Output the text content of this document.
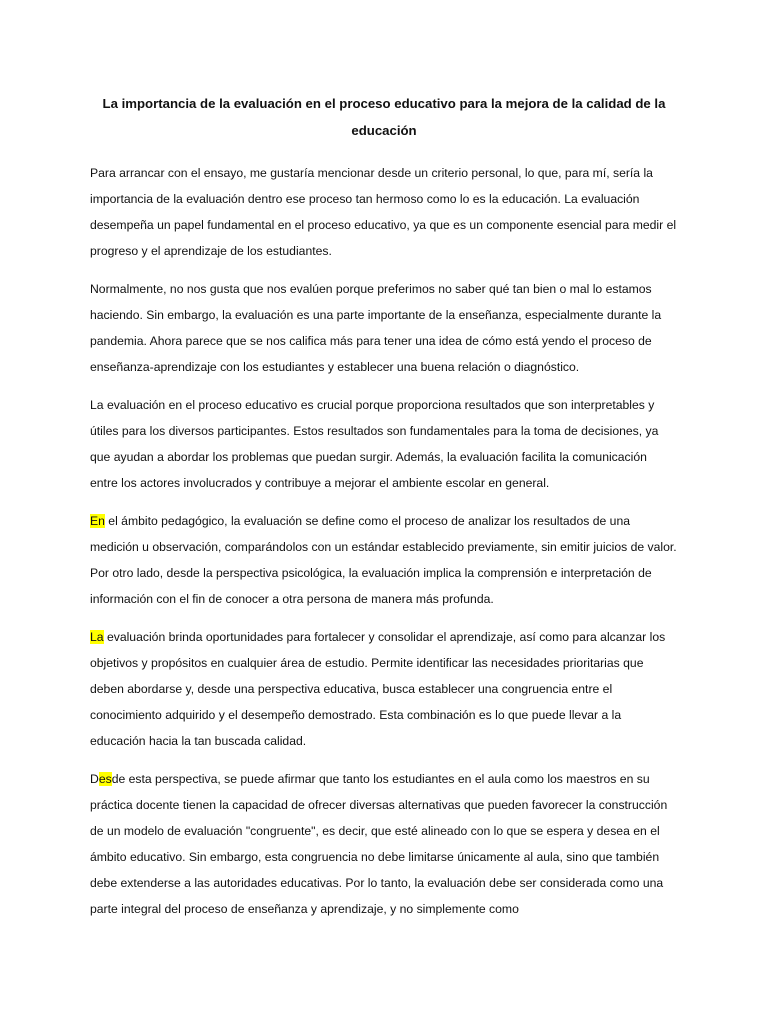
La importancia de la evaluación en el proceso educativo para la mejora de la calidad de la educación

Para arrancar con el ensayo, me gustaría mencionar desde un criterio personal, lo que, para mí, sería la importancia de la evaluación dentro ese proceso tan hermoso como lo es la educación. La evaluación desempeña un papel fundamental en el proceso educativo, ya que es un componente esencial para medir el progreso y el aprendizaje de los estudiantes.

Normalmente, no nos gusta que nos evalúen porque preferimos no saber qué tan bien o mal lo estamos haciendo. Sin embargo, la evaluación es una parte importante de la enseñanza, especialmente durante la pandemia. Ahora parece que se nos califica más para tener una idea de cómo está yendo el proceso de enseñanza-aprendizaje con los estudiantes y establecer una buena relación o diagnóstico.

La evaluación en el proceso educativo es crucial porque proporciona resultados que son interpretables y útiles para los diversos participantes. Estos resultados son fundamentales para la toma de decisiones, ya que ayudan a abordar los problemas que puedan surgir. Además, la evaluación facilita la comunicación entre los actores involucrados y contribuye a mejorar el ambiente escolar en general.

En el ámbito pedagógico, la evaluación se define como el proceso de analizar los resultados de una medición u observación, comparándolos con un estándar establecido previamente, sin emitir juicios de valor. Por otro lado, desde la perspectiva psicológica, la evaluación implica la comprensión e interpretación de información con el fin de conocer a otra persona de manera más profunda.

La evaluación brinda oportunidades para fortalecer y consolidar el aprendizaje, así como para alcanzar los objetivos y propósitos en cualquier área de estudio. Permite identificar las necesidades prioritarias que deben abordarse y, desde una perspectiva educativa, busca establecer una congruencia entre el conocimiento adquirido y el desempeño demostrado. Esta combinación es lo que puede llevar a la educación hacia la tan buscada calidad.

Desde esta perspectiva, se puede afirmar que tanto los estudiantes en el aula como los maestros en su práctica docente tienen la capacidad de ofrecer diversas alternativas que pueden favorecer la construcción de un modelo de evaluación "congruente", es decir, que esté alineado con lo que se espera y desea en el ámbito educativo. Sin embargo, esta congruencia no debe limitarse únicamente al aula, sino que también debe extenderse a las autoridades educativas. Por lo tanto, la evaluación debe ser considerada como una parte integral del proceso de enseñanza y aprendizaje, y no simplemente como
